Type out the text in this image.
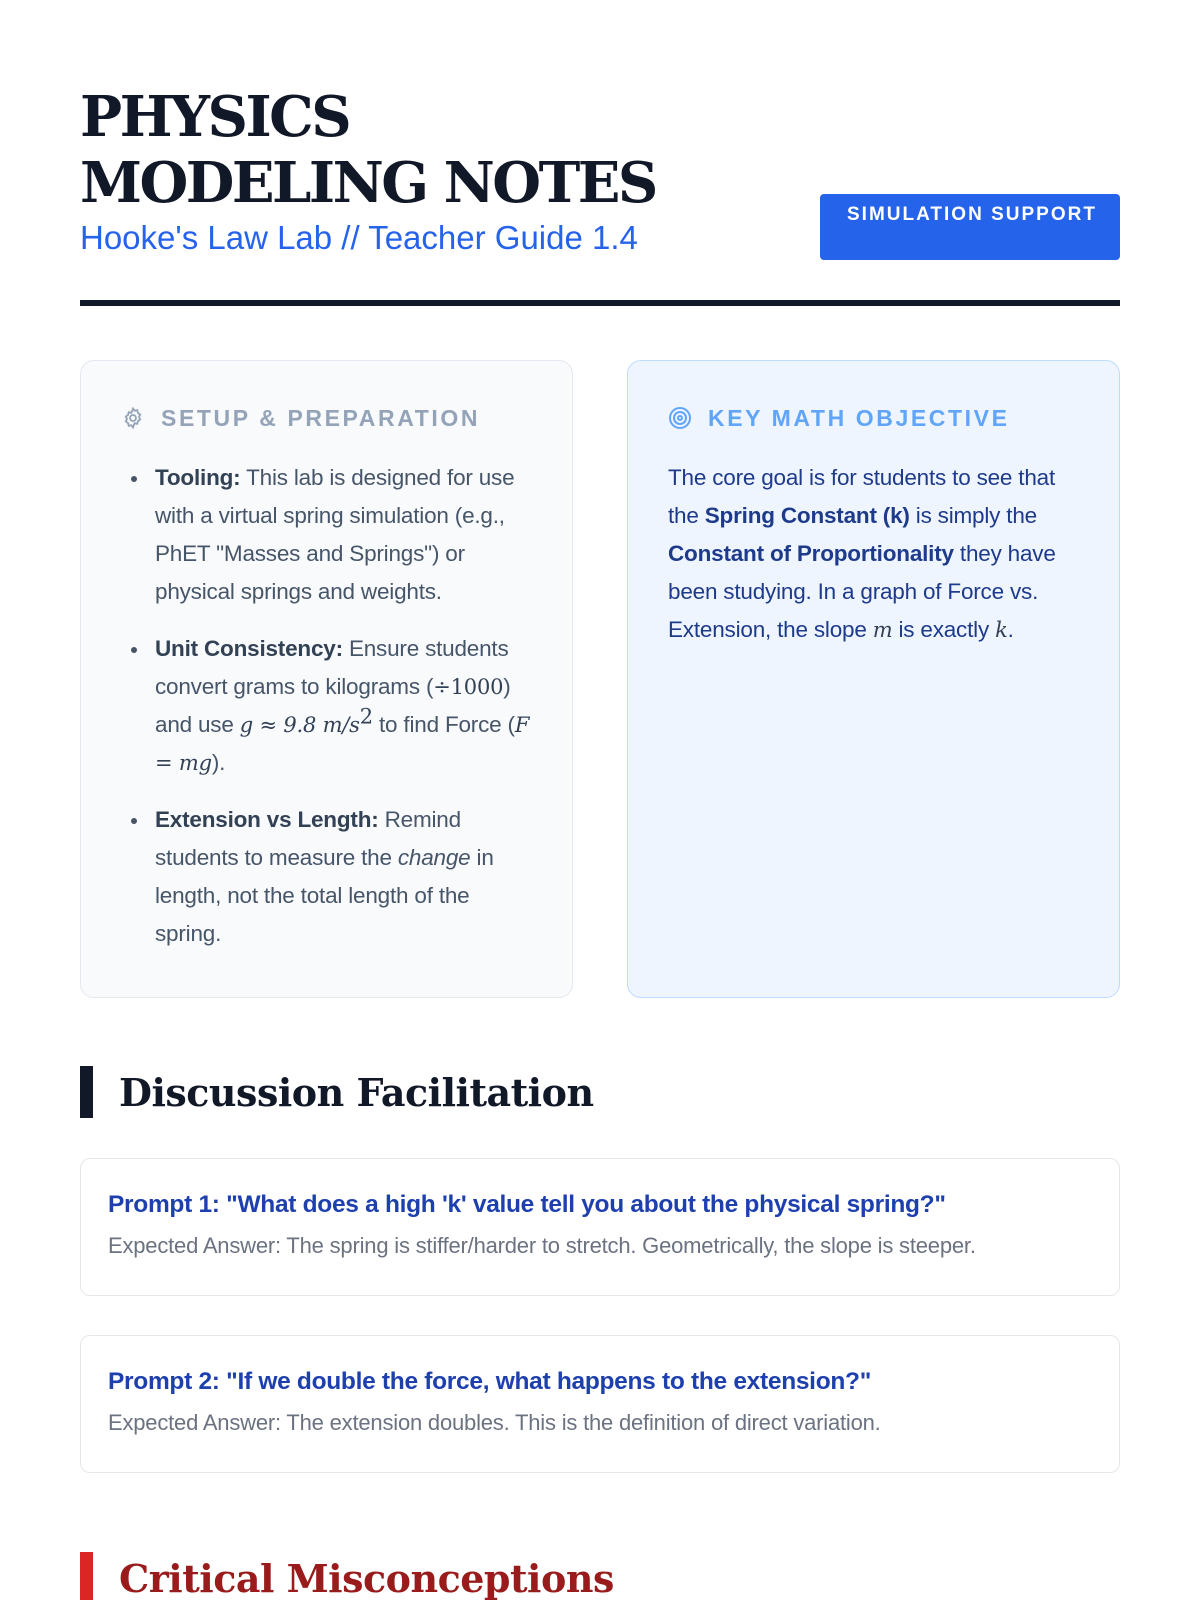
PHYSICS MODELING NOTES
Hooke's Law Lab // Teacher Guide 1.4
SIMULATION SUPPORT
SETUP & PREPARATION
Tooling: This lab is designed for use with a virtual spring simulation (e.g., PhET "Masses and Springs") or physical springs and weights.
Unit Consistency: Ensure students convert grams to kilograms (÷1000) and use g ≈ 9.8 $m/s^2$ to find Force (F = mg).
Extension vs Length: Remind students to measure the change in length, not the total length of the spring.
KEY MATH OBJECTIVE

The core goal is for students to see that the Spring Constant (k) is simply the Constant of Proportionality they have been studying. In a graph of Force vs. Extension, the slope m is exactly k.

Discussion Facilitation
Prompt 1: "What does a high 'k' value tell you about the physical spring?"
Expected Answer: The spring is stiffer/harder to stretch. Geometrically, the slope is steeper.
Prompt 2: "If we double the force, what happens to the extension?"
Expected Answer: The extension doubles. This is the definition of direct variation.
Critical Misconceptions
